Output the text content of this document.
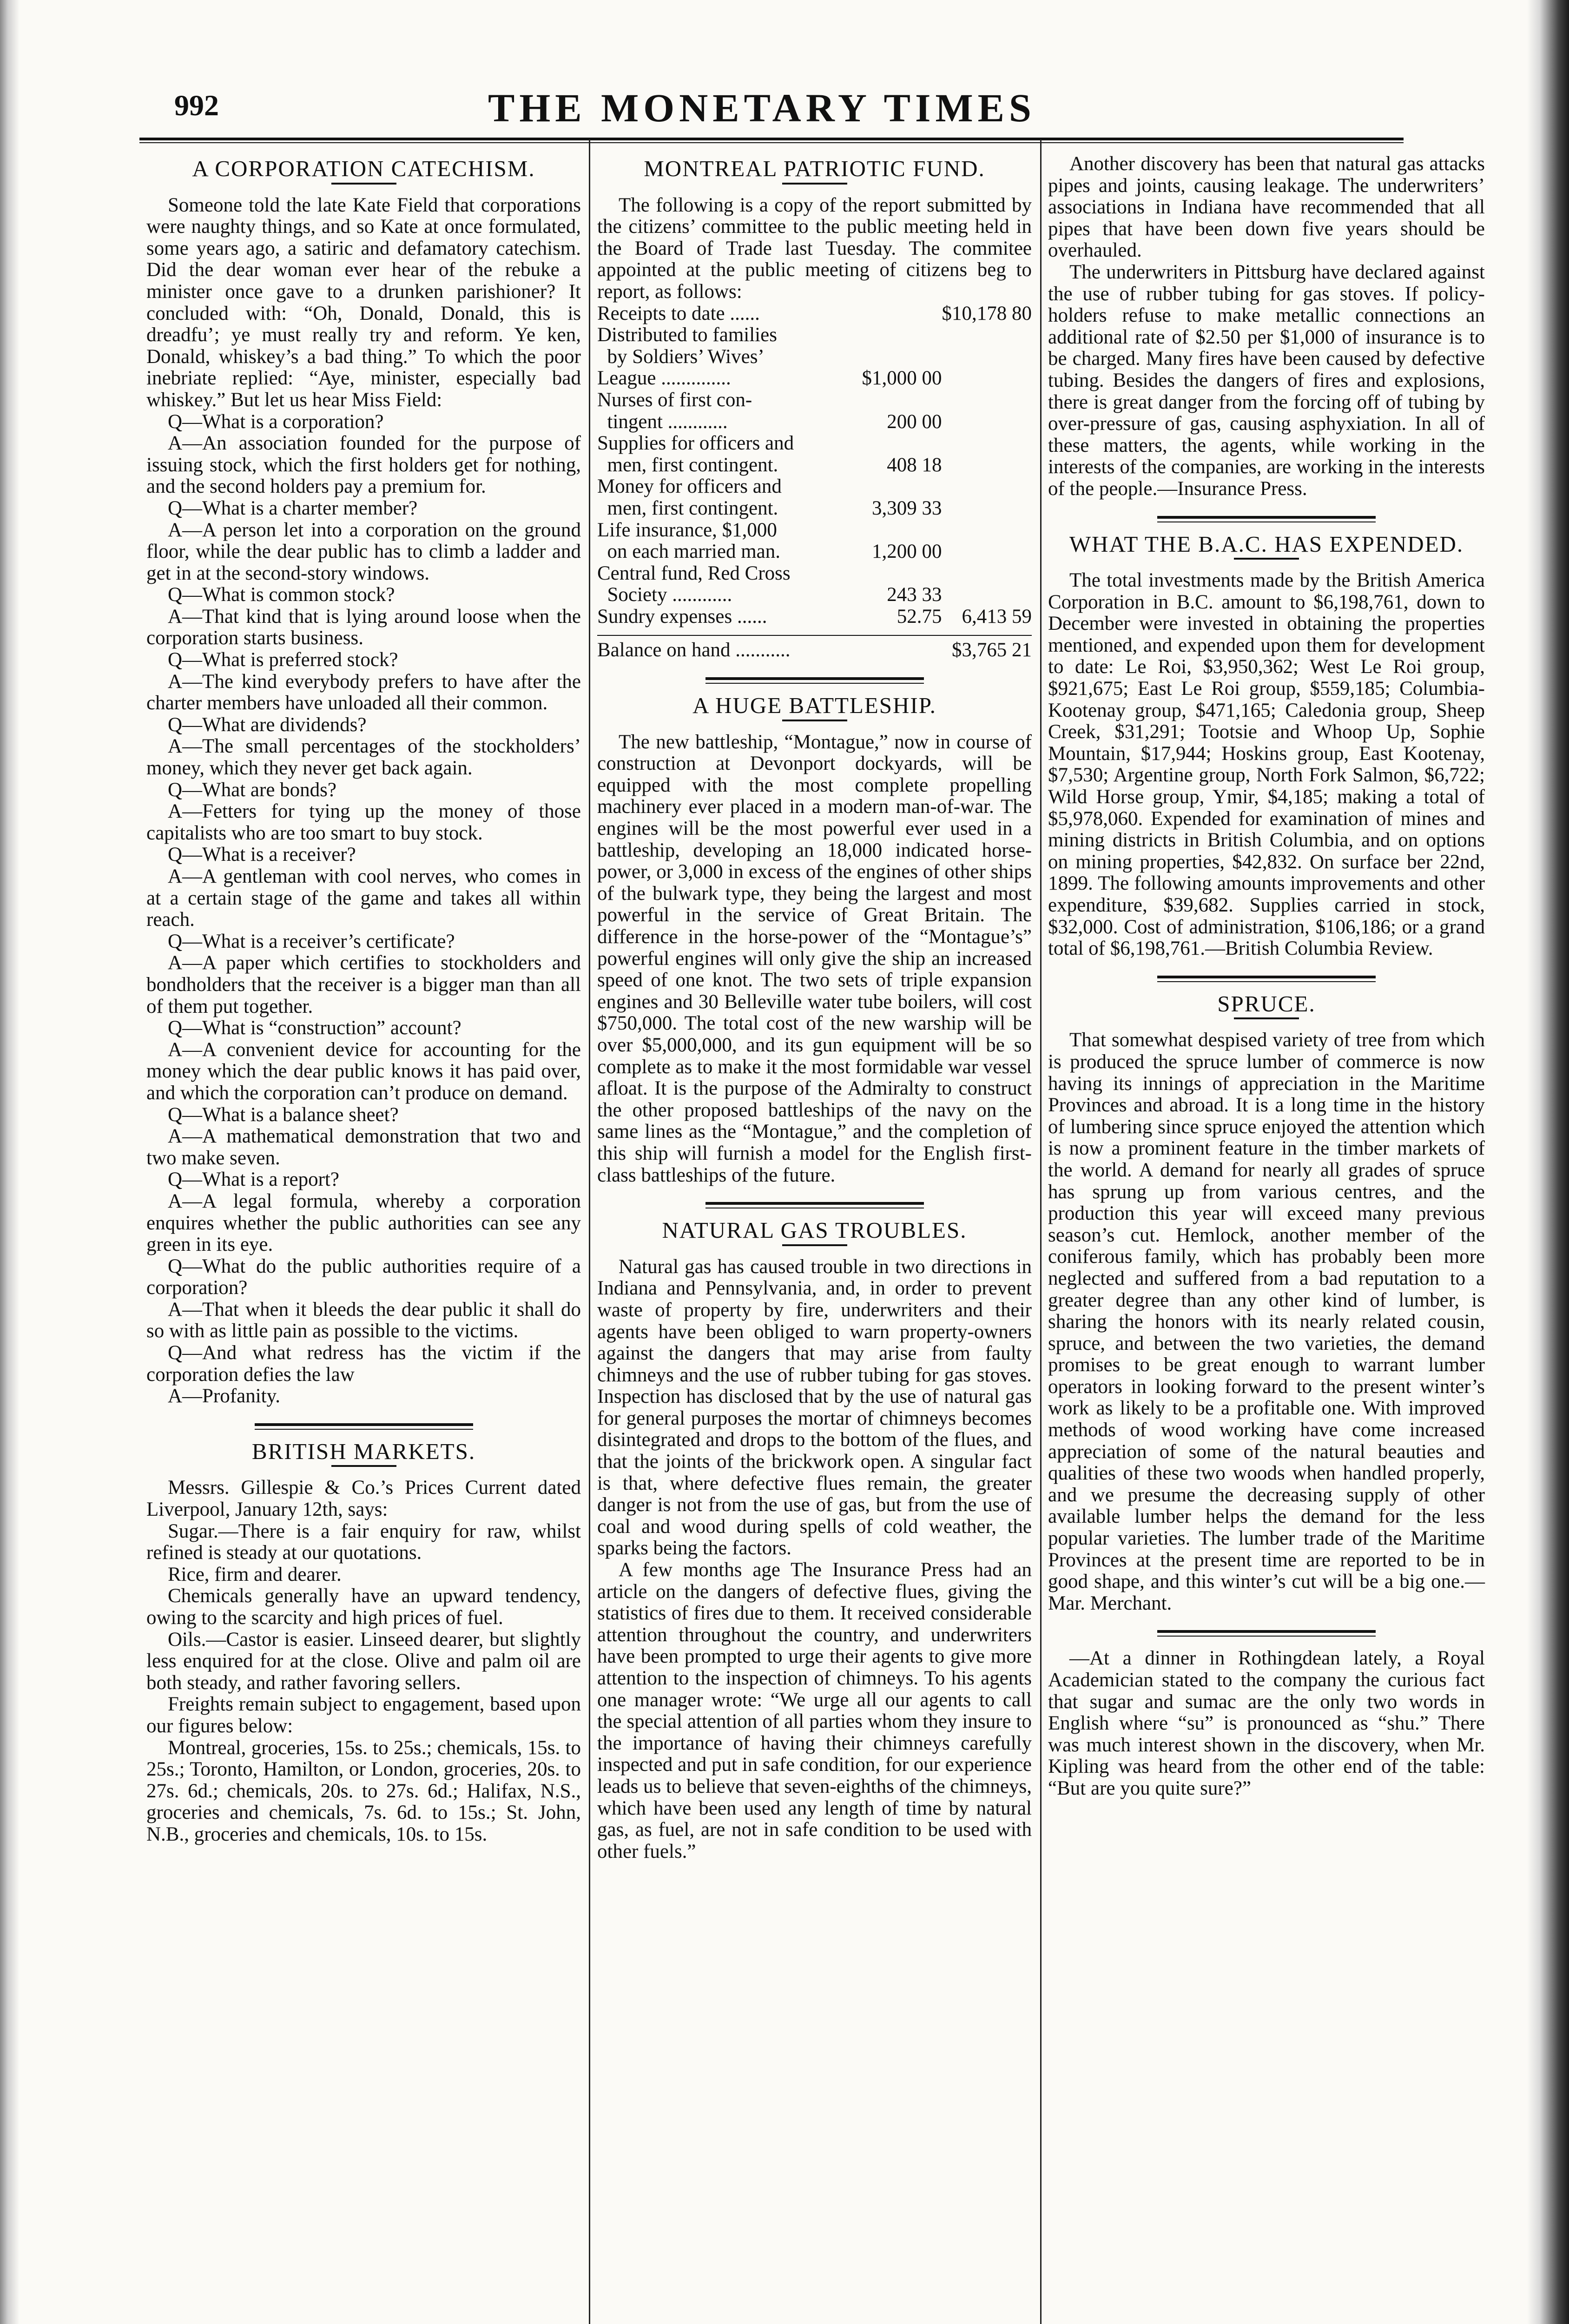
992	THE MONETARY TIMES
A CORPORATION CATECHISM.

Someone told the late Kate Field that corporations were naughty things, and so Kate at once formulated, some years ago, a satiric and defamatory catechism. Did the dear woman ever hear of the rebuke a minister once gave to a drunken parishioner? It concluded with: “Oh, Donald, Donald, this is dreadfu’; ye must really try and reform. Ye ken, Donald, whiskey’s a bad thing.” To which the poor inebriate replied: “Aye, minister, especially bad whiskey.” But let us hear Miss Field:

Q—What is a corporation?

A—An association founded for the purpose of issuing stock, which the first holders get for nothing, and the second holders pay a premium for.

Q—What is a charter member?

A—A person let into a corporation on the ground floor, while the dear public has to climb a ladder and get in at the second-story windows.

Q—What is common stock?

A—That kind that is lying around loose when the corporation starts business.

Q—What is preferred stock?

A—The kind everybody prefers to have after the charter members have unloaded all their common.

Q—What are dividends?

A—The small percentages of the stockholders’ money, which they never get back again.

Q—What are bonds?

A—Fetters for tying up the money of those capitalists who are too smart to buy stock.

Q—What is a receiver?

A—A gentleman with cool nerves, who comes in at a certain stage of the game and takes all within reach.

Q—What is a receiver’s certificate?

A—A paper which certifies to stockholders and bondholders that the receiver is a bigger man than all of them put together.

Q—What is “construction” account?

A—A convenient device for accounting for the money which the dear public knows it has paid over, and which the corporation can’t produce on demand.

Q—What is a balance sheet?

A—A mathematical demonstration that two and two make seven.

Q—What is a report?

A—A legal formula, whereby a corporation enquires whether the public authorities can see any green in its eye.

Q—What do the public authorities require of a corporation?

A—That when it bleeds the dear public it shall do so with as little pain as possible to the victims.

Q—And what redress has the victim if the corporation defies the law

A—Profanity.

BRITISH MARKETS.

Messrs. Gillespie & Co.’s Prices Current dated Liverpool, January 12th, says:

Sugar.—There is a fair enquiry for raw, whilst refined is steady at our quotations.

Rice, firm and dearer.

Chemicals generally have an upward tendency, owing to the scarcity and high prices of fuel.

Oils.—Castor is easier. Linseed dearer, but slightly less enquired for at the close. Olive and palm oil are both steady, and rather favoring sellers.

Freights remain subject to engagement, based upon our figures below:

Montreal, groceries, 15s. to 25s.; chemicals, 15s. to 25s.; Toronto, Hamilton, or London, groceries, 20s. to 27s. 6d.; chemicals, 20s. to 27s. 6d.; Halifax, N.S., groceries and chemicals, 7s. 6d. to 15s.; St. John, N.B., groceries and chemicals, 10s. to 15s.

MONTREAL PATRIOTIC FUND.

The following is a copy of the report submitted by the citizens’ committee to the public meeting held in the Board of Trade last Tuesday. The commitee appointed at the public meeting of citizens beg to report, as follows:

Receipts to date ......		$10,178 80
Distributed to families		
by Soldiers’ Wives’		
League ..............	$1,000 00	
Nurses of first con-		
tingent ............	200 00	
Supplies for officers and		
men, first contingent.	408 18	
Money for officers and		
men, first contingent.	3,309 33	
Life insurance, $1,000		
on each married man.	1,200 00	
Central fund, Red Cross		
Society ............	243 33	
Sundry expenses ......	52.75	6,413 59
Balance on hand ...........	$3,765 21
A HUGE BATTLESHIP.

The new battleship, “Montague,” now in course of construction at Devonport dockyards, will be equipped with the most complete propelling machinery ever placed in a modern man-of-war. The engines will be the most powerful ever used in a battleship, developing an 18,000 indicated horse-power, or 3,000 in excess of the engines of other ships of the bulwark type, they being the largest and most powerful in the service of Great Britain. The difference in the horse-power of the “Montague’s” powerful engines will only give the ship an increased speed of one knot. The two sets of triple expansion engines and 30 Belleville water tube boilers, will cost $750,000. The total cost of the new warship will be over $5,000,000, and its gun equipment will be so complete as to make it the most formidable war vessel afloat. It is the purpose of the Admiralty to construct the other proposed battleships of the navy on the same lines as the “Montague,” and the completion of this ship will furnish a model for the English first-class battleships of the future.

NATURAL GAS TROUBLES.

Natural gas has caused trouble in two directions in Indiana and Pennsylvania, and, in order to prevent waste of property by fire, underwriters and their agents have been obliged to warn property-owners against the dangers that may arise from faulty chimneys and the use of rubber tubing for gas stoves. Inspection has disclosed that by the use of natural gas for general purposes the mortar of chimneys becomes disintegrated and drops to the bottom of the flues, and that the joints of the brickwork open. A singular fact is that, where defective flues remain, the greater danger is not from the use of gas, but from the use of coal and wood during spells of cold weather, the sparks being the factors.

A few months age The Insurance Press had an article on the dangers of defective flues, giving the statistics of fires due to them. It received considerable attention throughout the country, and underwriters have been prompted to urge their agents to give more attention to the inspection of chimneys. To his agents one manager wrote: “We urge all our agents to call the special attention of all parties whom they insure to the importance of having their chimneys carefully inspected and put in safe condition, for our experience leads us to believe that seven-eighths of the chimneys, which have been used any length of time by natural gas, as fuel, are not in safe condition to be used with other fuels.”

Another discovery has been that natural gas attacks pipes and joints, causing leakage. The underwriters’ associations in Indiana have recommended that all pipes that have been down five years should be overhauled.

The underwriters in Pittsburg have declared against the use of rubber tubing for gas stoves. If policy-holders refuse to make metallic connections an additional rate of $2.50 per $1,000 of insurance is to be charged. Many fires have been caused by defective tubing. Besides the dangers of fires and explosions, there is great danger from the forcing off of tubing by over-pressure of gas, causing asphyxiation. In all of these matters, the agents, while working in the interests of the companies, are working in the interests of the people.—Insurance Press.

WHAT THE B.A.C. HAS EXPENDED.

The total investments made by the British America Corporation in B.C. amount to $6,198,761, down to December were invested in obtaining the properties mentioned, and expended upon them for development to date: Le Roi, $3,950,362; West Le Roi group, $921,675; East Le Roi group, $559,185; Columbia-Kootenay group, $471,165; Caledonia group, Sheep Creek, $31,291; Tootsie and Whoop Up, Sophie Mountain, $17,944; Hoskins group, East Kootenay, $7,530; Argentine group, North Fork Salmon, $6,722; Wild Horse group, Ymir, $4,185; making a total of $5,978,060. Expended for examination of mines and mining districts in British Columbia, and on options on mining properties, $42,832. On surface ber 22nd, 1899. The following amounts improvements and other expenditure, $39,682. Supplies carried in stock, $32,000. Cost of administration, $106,186; or a grand total of $6,198,761.—British Columbia Review.

SPRUCE.

That somewhat despised variety of tree from which is produced the spruce lumber of commerce is now having its innings of appreciation in the Maritime Provinces and abroad. It is a long time in the history of lumbering since spruce enjoyed the attention which is now a prominent feature in the timber markets of the world. A demand for nearly all grades of spruce has sprung up from various centres, and the production this year will exceed many previous season’s cut. Hemlock, another member of the coniferous family, which has probably been more neglected and suffered from a bad reputation to a greater degree than any other kind of lumber, is sharing the honors with its nearly related cousin, spruce, and between the two varieties, the demand promises to be great enough to warrant lumber operators in looking forward to the present winter’s work as likely to be a profitable one. With improved methods of wood working have come increased appreciation of some of the natural beauties and qualities of these two woods when handled properly, and we presume the decreasing supply of other available lumber helps the demand for the less popular varieties. The lumber trade of the Maritime Provinces at the present time are reported to be in good shape, and this winter’s cut will be a big one.—Mar. Merchant.

—At a dinner in Rothingdean lately, a Royal Academician stated to the company the curious fact that sugar and sumac are the only two words in English where “su” is pronounced as “shu.” There was much interest shown in the discovery, when Mr. Kipling was heard from the other end of the table: “But are you quite sure?”
